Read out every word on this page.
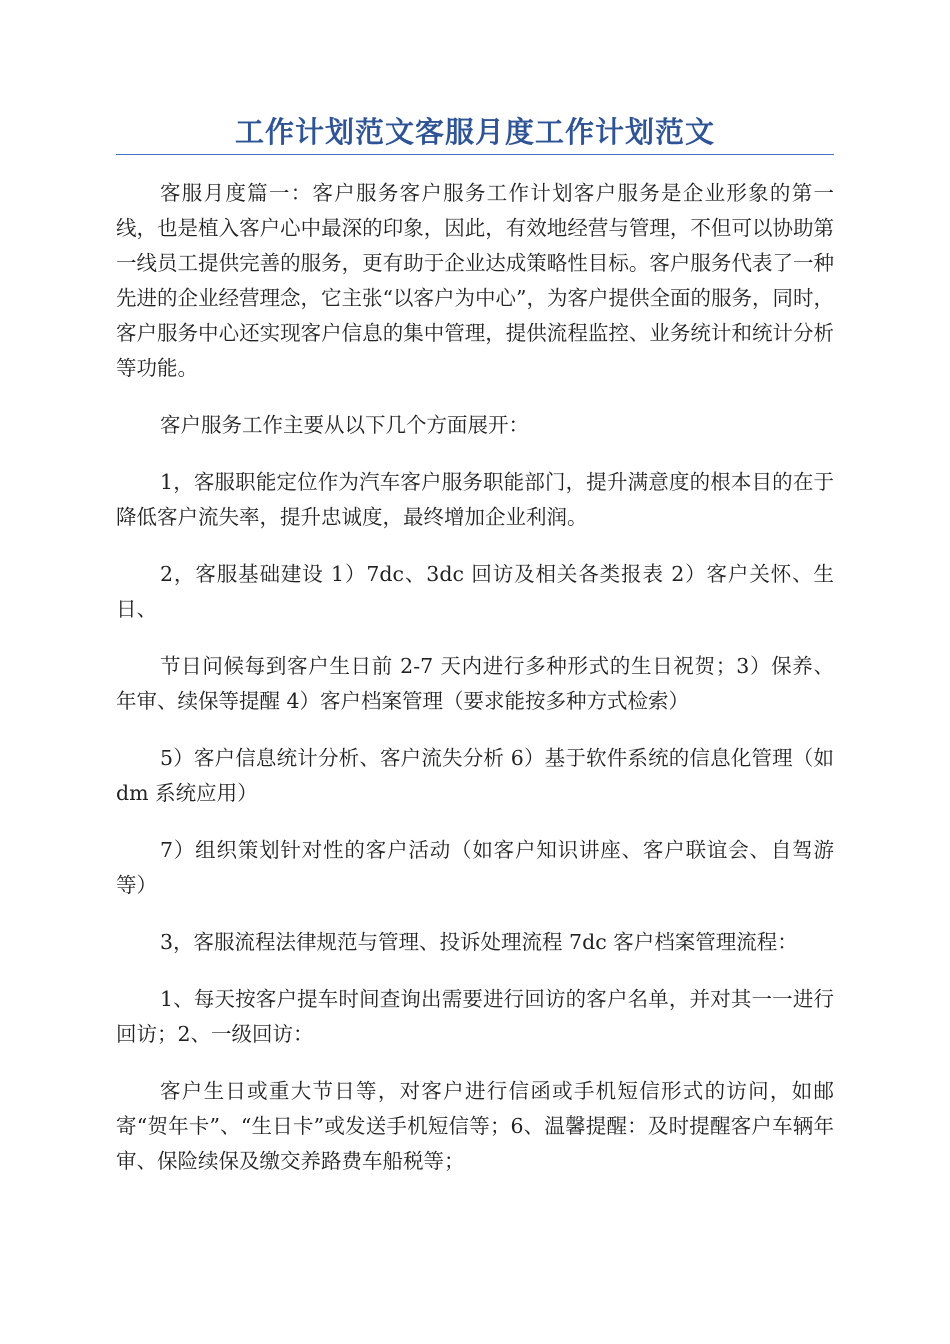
工作计划范文客服月度工作计划范文

客服月度篇一：客户服务客户服务工作计划客户服务是企业形象的第一线，也是植入客户心中最深的印象，因此，有效地经营与管理，不但可以协助第一线员工提供完善的服务，更有助于企业达成策略性目标。客户服务代表了一种先进的企业经营理念，它主张“以客户为中心”，为客户提供全面的服务，同时，客户服务中心还实现客户信息的集中管理，提供流程监控、业务统计和统计分析等功能。

客户服务工作主要从以下几个方面展开：

1，客服职能定位作为汽车客户服务职能部门，提升满意度的根本目的在于降低客户流失率，提升忠诚度，最终增加企业利润。

2，客服基础建设 1）7dc、3dc 回访及相关各类报表 2）客户关怀、生日、

节日问候每到客户生日前 2-7 天内进行多种形式的生日祝贺；3）保养、年审、续保等提醒 4）客户档案管理（要求能按多种方式检索）

5）客户信息统计分析、客户流失分析 6）基于软件系统的信息化管理（如 dm 系统应用）

7）组织策划针对性的客户活动（如客户知识讲座、客户联谊会、自驾游等）

3，客服流程法律规范与管理、投诉处理流程 7dc 客户档案管理流程：

1、每天按客户提车时间查询出需要进行回访的客户名单，并对其一一进行回访；2、一级回访：

客户生日或重大节日等，对客户进行信函或手机短信形式的访问，如邮寄“贺年卡”、“生日卡”或发送手机短信等；6、温馨提醒：及时提醒客户车辆年审、保险续保及缴交养路费车船税等；
